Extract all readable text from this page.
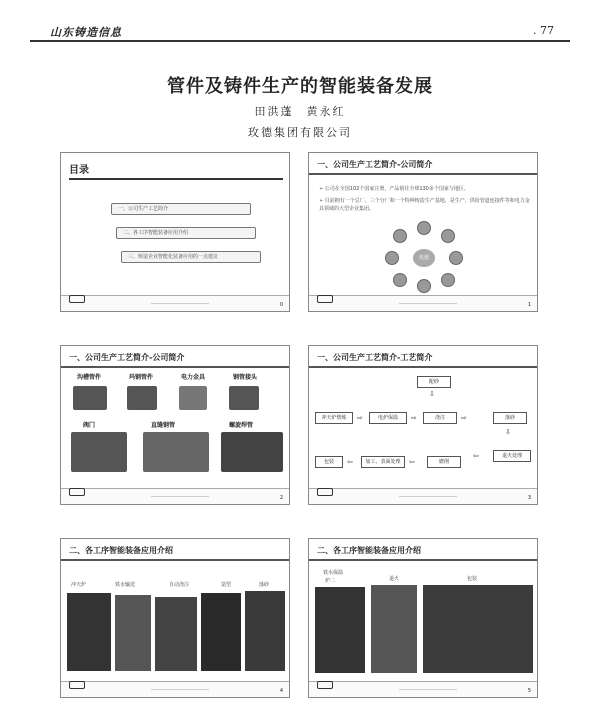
山东铸造信息	. 77
管件及铸件生产的智能装备发展
田洪蓬　黄永红
玫德集团有限公司
目录
一、公司生产工艺简介
二、各工序智能装备应用介绍
三、铸造企业智能化装备应用的一点建议
0
一、公司生产工艺简介-公司简介
➢ 公司在全国102个国家注册，产品销往全球130多个国家与地区。
➢ 目前拥有一个总厂、三个分厂和一个特种铸造生产基地，是生产、供给管道连接件等和电力金具领域的大型企业集团。
玫德
1
一、公司生产工艺简介-公司简介
沟槽管件	玛钢管件	电力金具	钢管接头
阀门	直缝钢管	螺旋焊管
2
一、公司生产工艺简介-工艺简介
配砂
⇩
冲天炉熔炼	⇨	电炉保温	⇨	浇注	⇨	落砂
⇩
退火处理
⇦
磨削
⇦
加工、表面处理
⇦
包装
3
二、各工序智能装备应用介绍
冲天炉	铁水输送	自动浇注	造型	落砂
4
二、各工序智能装备应用介绍
铁水保温
炉二	退火	包装
5
